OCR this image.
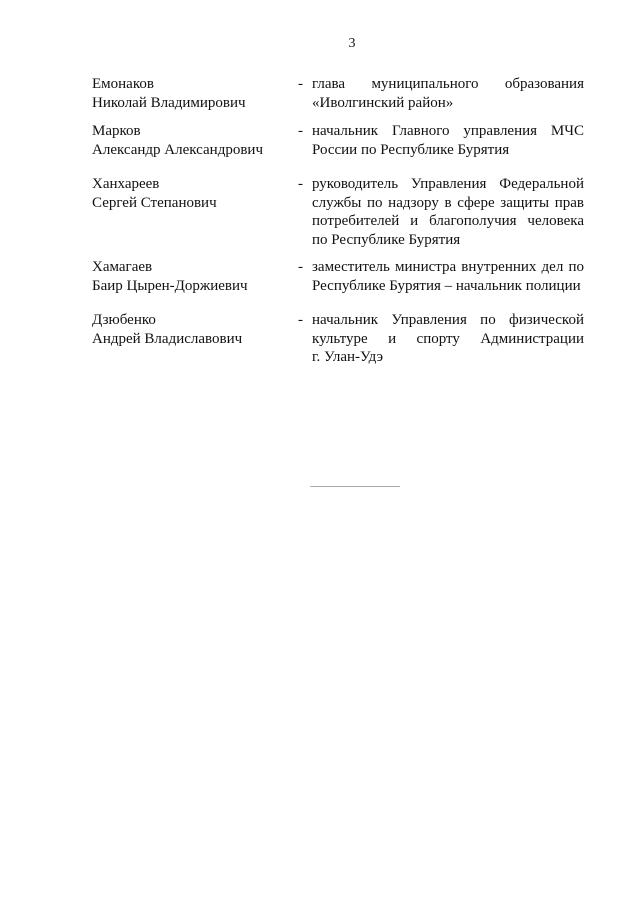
3
Емонаков
Николай Владимирович
- глава муниципального образования
«Иволгинский район»
Марков
Александр Александрович
- начальник Главного управления МЧС
России по Республике Бурятия
Ханхареев
Сергей Степанович
- руководитель Управления Федеральной
службы по надзору в сфере защиты прав
потребителей и благополучия человека
по Республике Бурятия
Хамагаев
Баир Цырен-Доржиевич
- заместитель министра внутренних дел по
Республике Бурятия – начальник полиции
Дзюбенко
Андрей Владиславович
- начальник Управления по физической
культуре и спорту Администрации
г. Улан-Удэ
